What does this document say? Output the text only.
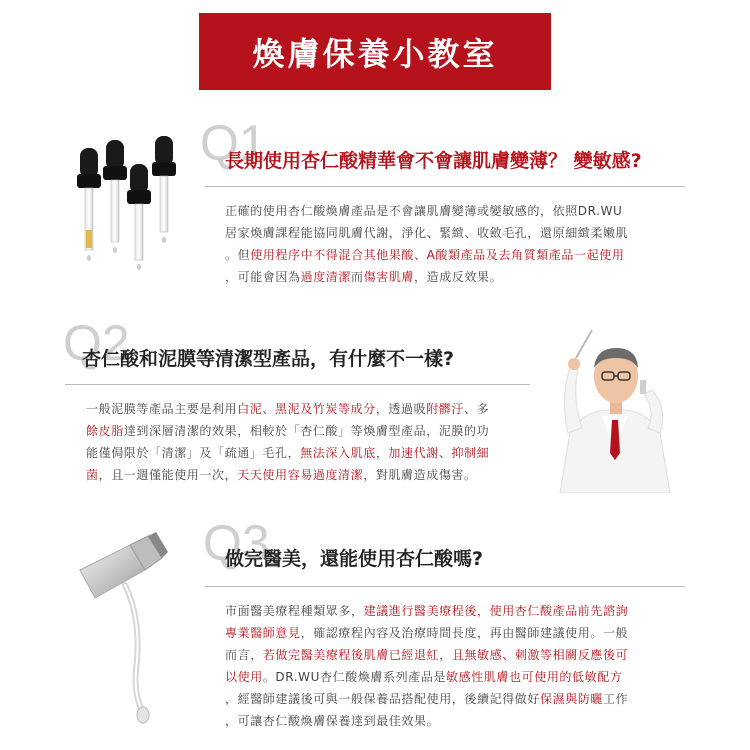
煥膚保養小教室
Q1
長期使用杏仁酸精華會不會讓肌膚變薄？ 變敏感?
正確的使用杏仁酸煥膚產品是不會讓肌膚變薄或變敏感的，依照DR.WU
居家煥膚課程能協同肌膚代謝，淨化、緊緻、收斂毛孔，還原細緻柔嫩肌
。但使用程序中不得混合其他果酸、A酸類產品及去角質類產品一起使用
，可能會因為過度清潔而傷害肌膚，造成反效果。
Q2
杏仁酸和泥膜等清潔型產品，有什麼不一樣?
一般泥膜等產品主要是利用白泥、黑泥及竹炭等成分，透過吸附髒汙、多
餘皮脂達到深層清潔的效果，相較於「杏仁酸」等煥膚型產品，泥膜的功
能僅侷限於「清潔」及「疏通」毛孔，無法深入肌底，加速代謝、抑制細
菌，且一週僅能使用一次，天天使用容易過度清潔，對肌膚造成傷害。
Q3
做完醫美，還能使用杏仁酸嗎?
市面醫美療程種類眾多，建議進行醫美療程後，使用杏仁酸產品前先諮詢
專業醫師意見，確認療程內容及治療時間長度，再由醫師建議使用。一般
而言，若做完醫美療程後肌膚已經退紅，且無敏感、刺激等相關反應後可
以使用。DR.WU杏仁酸煥膚系列產品是敏感性肌膚也可使用的低敏配方
，經醫師建議後可與一般保養品搭配使用，後續記得做好保濕與防曬工作
，可讓杏仁酸煥膚保養達到最佳效果。
